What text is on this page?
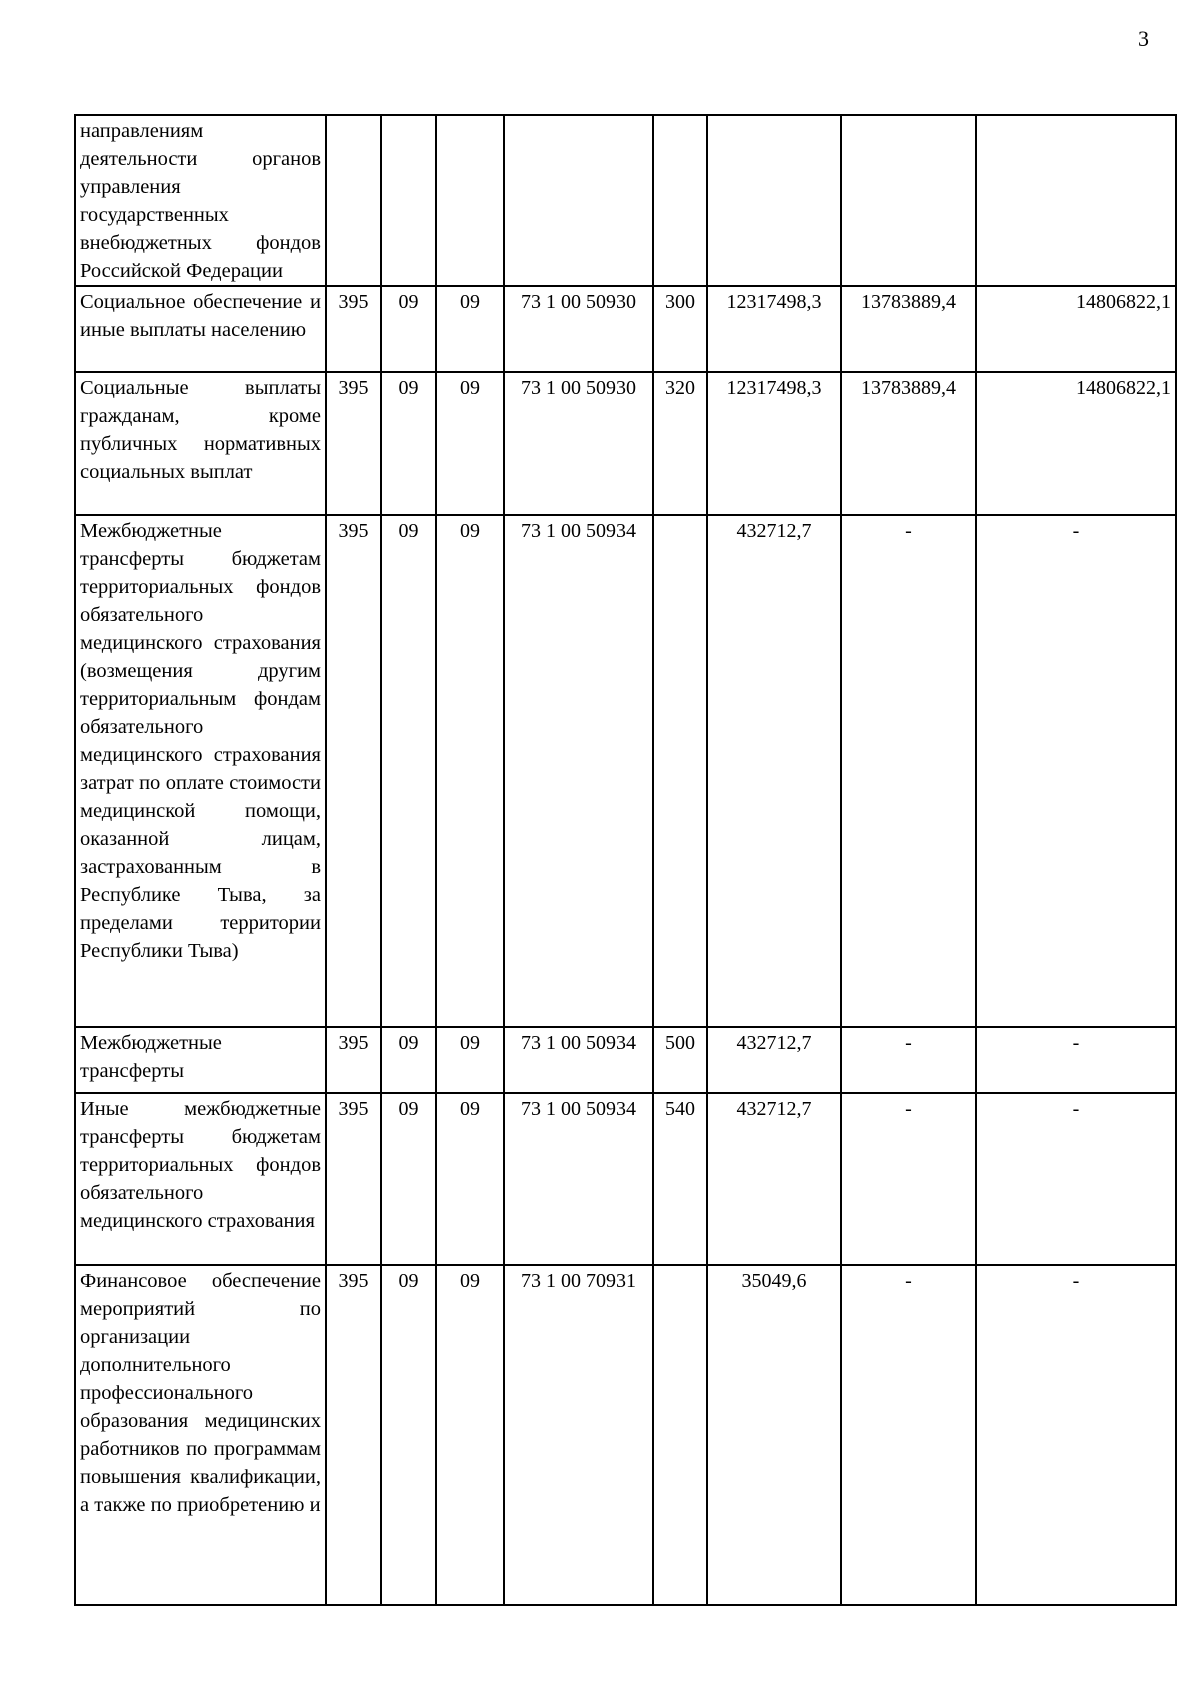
3
направлениям деятельности органов управления государственных внебюджетных фондов Российской Федерации								
Социальное обеспечение и иные выплаты населению	395	09	09	73 1 00 50930	300	12317498,3	13783889,4	14806822,1
Социальные выплаты гражданам, кроме публичных нормативных социальных выплат	395	09	09	73 1 00 50930	320	12317498,3	13783889,4	14806822,1
Межбюджетные трансферты бюджетам территориальных фондов обязательного медицинского страхования (возмещения другим территориальным фондам обязательного медицинского страхования затрат по оплате стоимости медицинской помощи, оказанной лицам, застрахованным в Республике Тыва, за пределами территории Республики Тыва)	395	09	09	73 1 00 50934		432712,7	-	-
Межбюджетные трансферты	395	09	09	73 1 00 50934	500	432712,7	-	-
Иные межбюджетные трансферты бюджетам территориальных фондов обязательного медицинского страхования	395	09	09	73 1 00 50934	540	432712,7	-	-
Финансовое обеспечение мероприятий по организации дополнительного профессионального образования медицинских работников по программам повышения квалификации, а также по приобретению и	395	09	09	73 1 00 70931		35049,6	-	-
